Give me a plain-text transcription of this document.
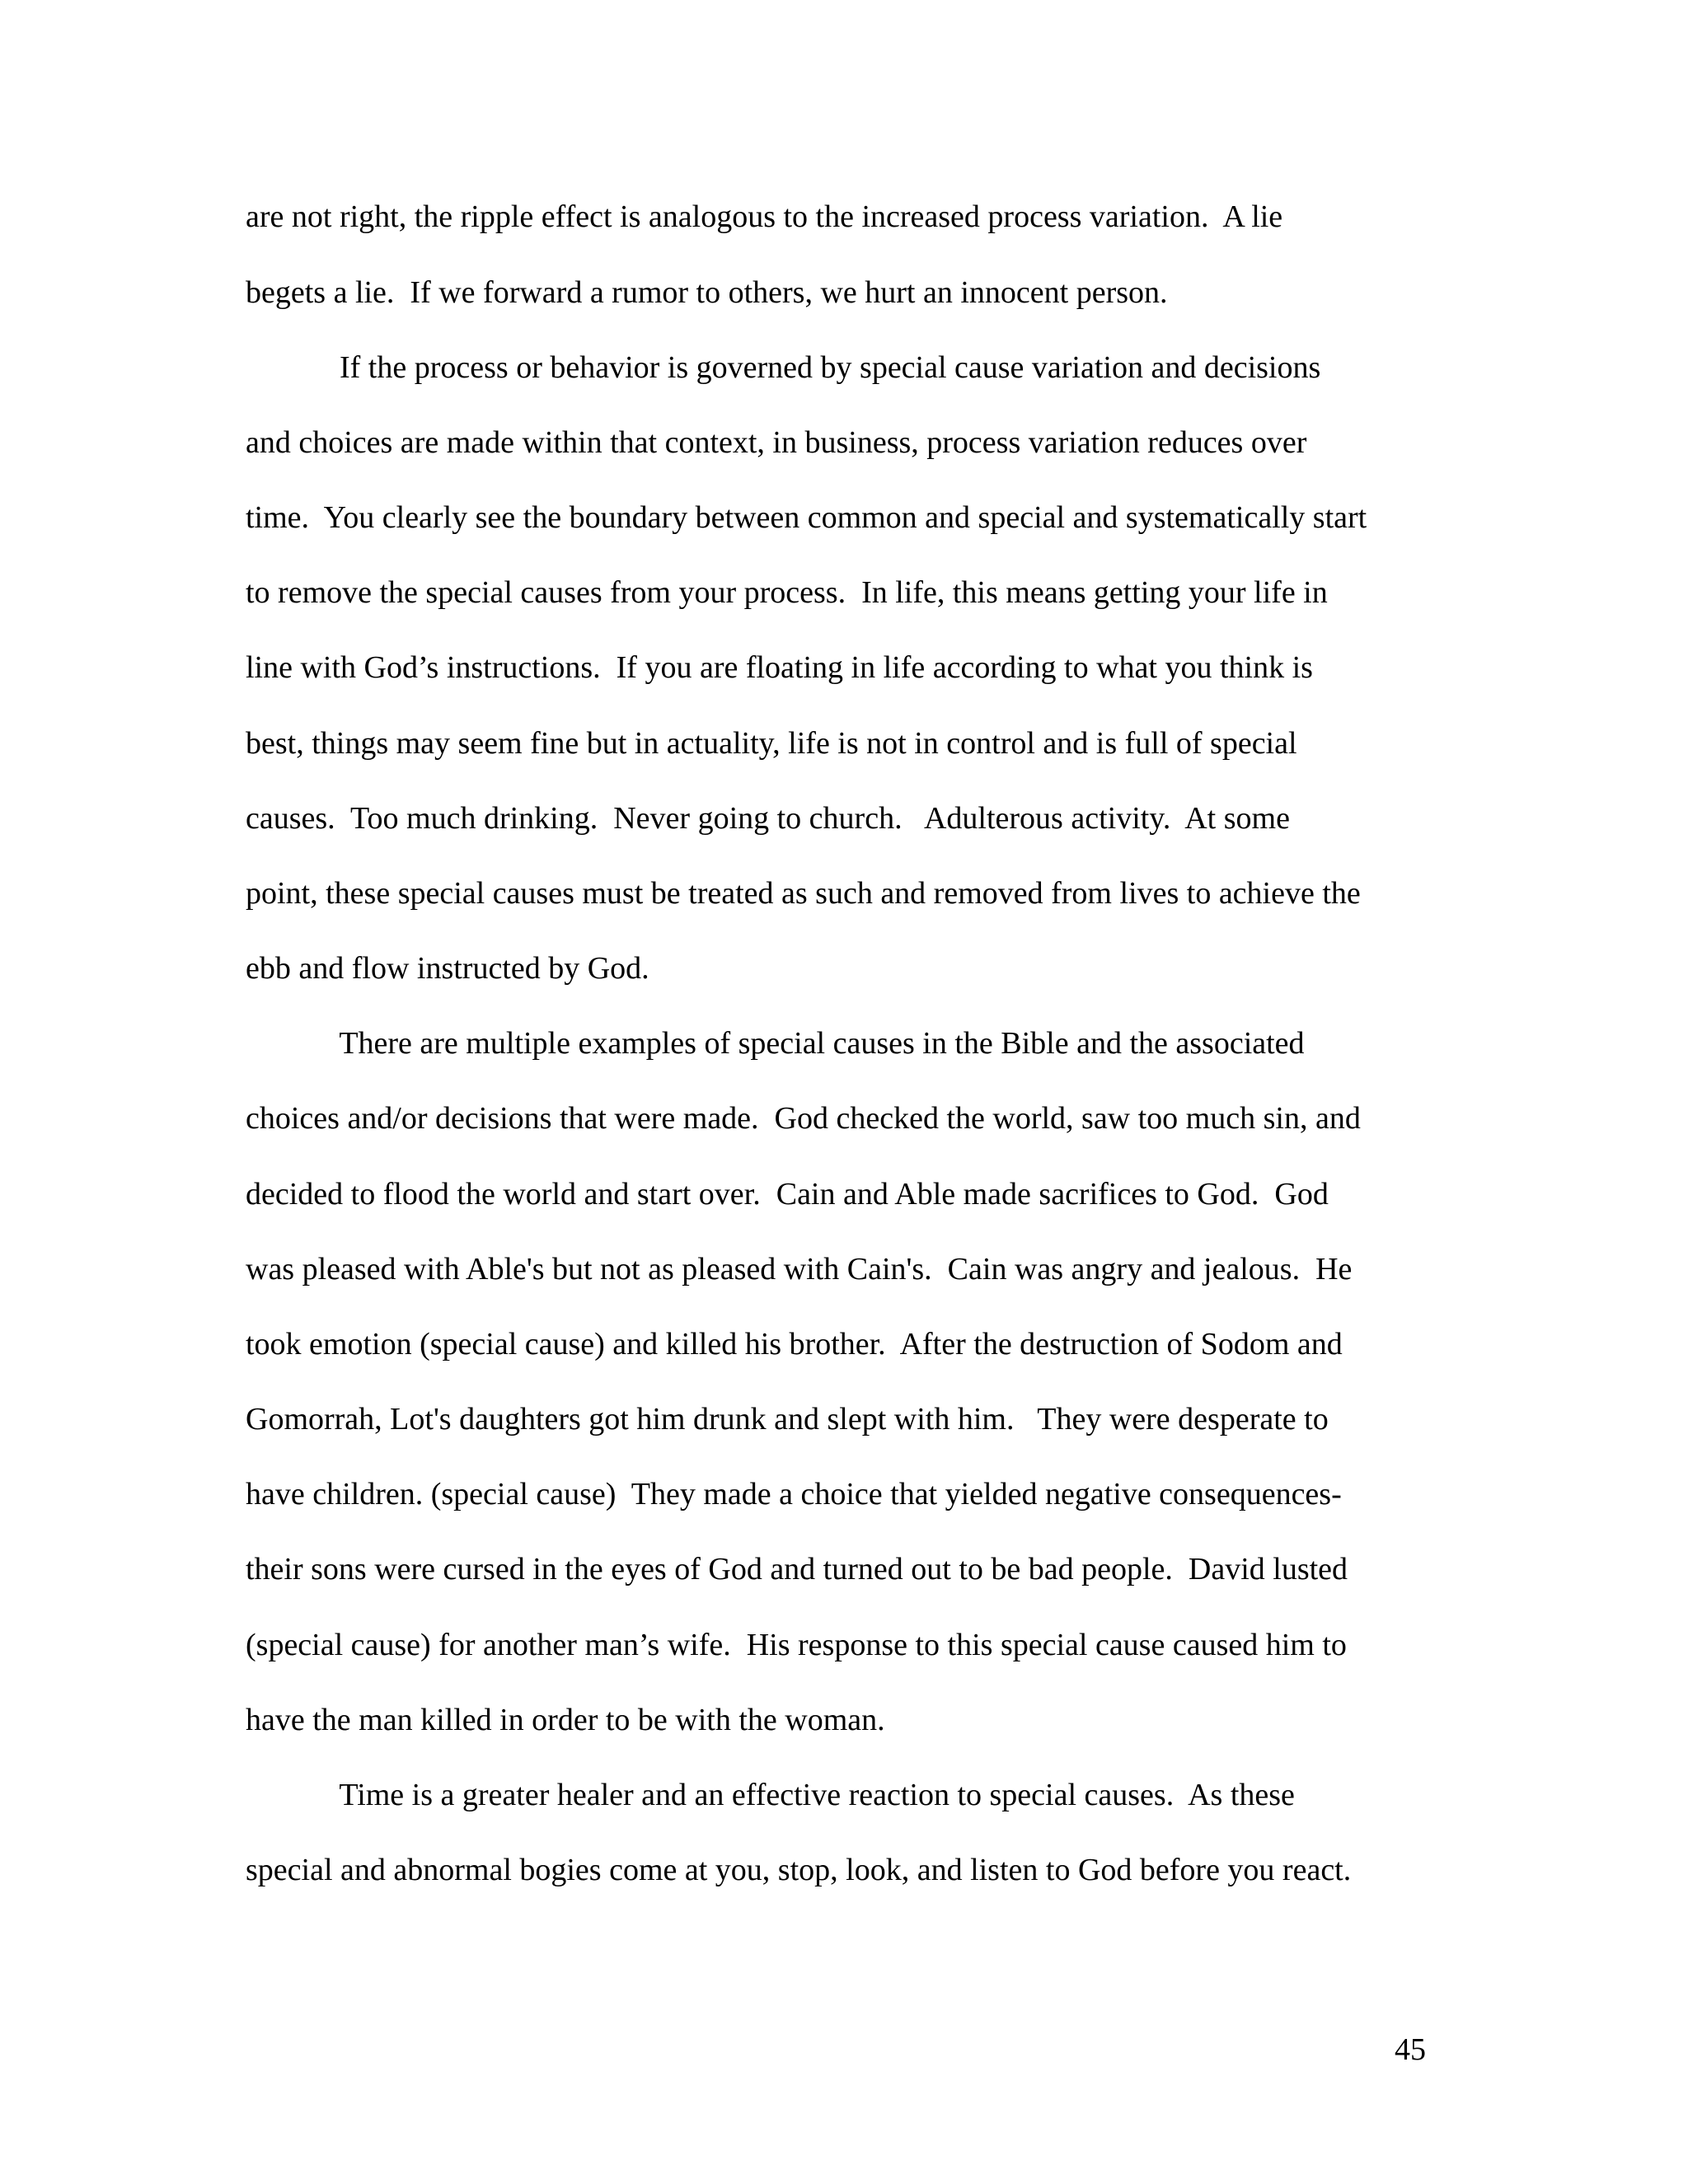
are not right, the ripple effect is analogous to the increased process variation.  A lie
begets a lie.  If we forward a rumor to others, we hurt an innocent person.
If the process or behavior is governed by special cause variation and decisions
and choices are made within that context, in business, process variation reduces over
time.  You clearly see the boundary between common and special and systematically start
to remove the special causes from your process.  In life, this means getting your life in
line with God’s instructions.  If you are floating in life according to what you think is
best, things may seem fine but in actuality, life is not in control and is full of special
causes.  Too much drinking.  Never going to church.   Adulterous activity.  At some
point, these special causes must be treated as such and removed from lives to achieve the
ebb and flow instructed by God.
There are multiple examples of special causes in the Bible and the associated
choices and/or decisions that were made.  God checked the world, saw too much sin, and
decided to flood the world and start over.  Cain and Able made sacrifices to God.  God
was pleased with Able's but not as pleased with Cain's.  Cain was angry and jealous.  He
took emotion (special cause) and killed his brother.  After the destruction of Sodom and
Gomorrah, Lot's daughters got him drunk and slept with him.   They were desperate to
have children. (special cause)  They made a choice that yielded negative consequences-
their sons were cursed in the eyes of God and turned out to be bad people.  David lusted
(special cause) for another man’s wife.  His response to this special cause caused him to
have the man killed in order to be with the woman.
Time is a greater healer and an effective reaction to special causes.  As these
special and abnormal bogies come at you, stop, look, and listen to God before you react.
45
